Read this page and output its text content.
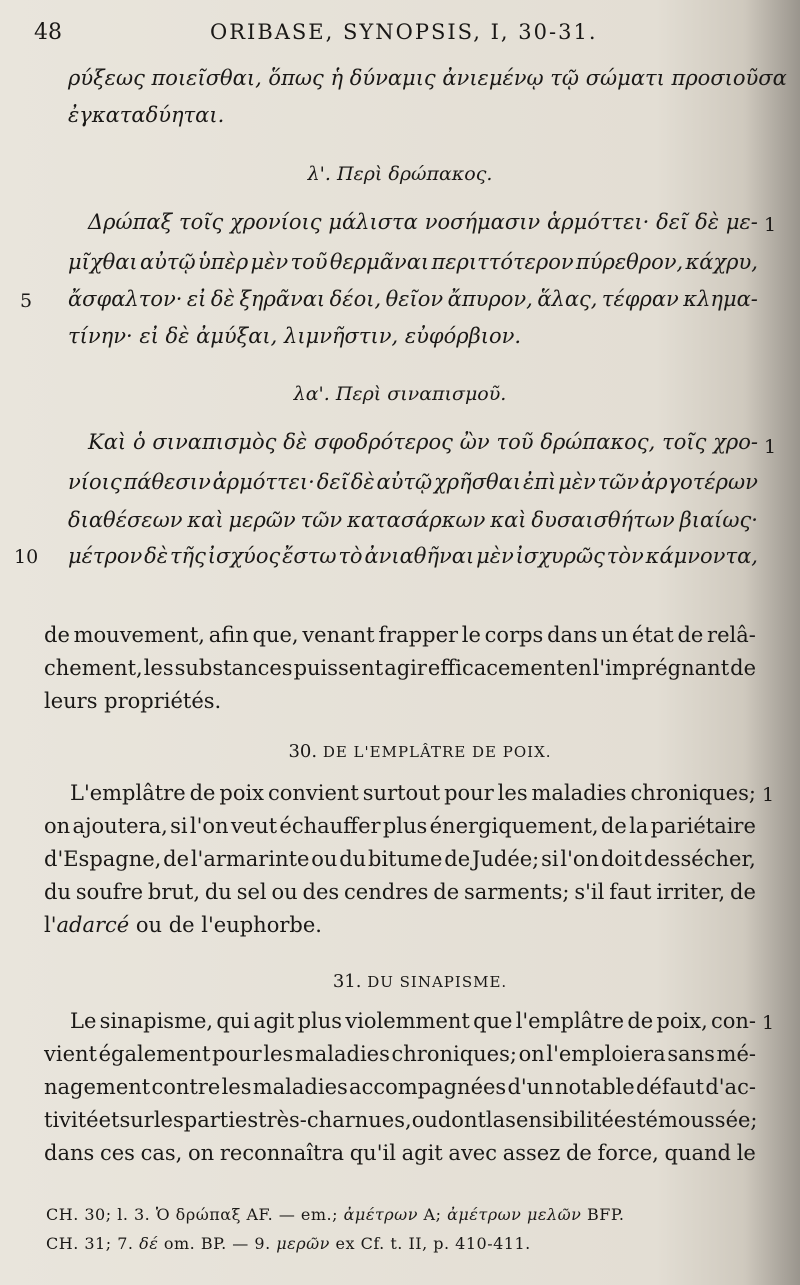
48	ORIBASE, SYNOPSIS, I, 30-31.
ρύξεως ποιεῖσθαι, ὅπως ἡ δύναμις ἀνιεμένῳ τῷ σώματι προσιοῦσα
ἐγκαταδύηται.
λ'. Περὶ δρώπακος.
Δρώπαξ τοῖς χρονίοις μάλιστα νοσήμασιν ἁρμόττει· δεῖ δὲ με- 1
μῖχθαι αὐτῷ ὑπὲρ μὲν τοῦ θερμᾶναι περιττότερον πύρεθρον, κάχρυ,
5 ἄσφαλτον· εἰ δὲ ξηρᾶναι δέοι, θεῖον ἄπυρον, ἅλας, τέφραν κλημα-
τίνην· εἰ δὲ ἀμύξαι, λιμνῆστιν, εὐφόρβιον.
λα'. Περὶ σιναπισμοῦ.
Καὶ ὁ σιναπισμὸς δὲ σφοδρότερος ὢν τοῦ δρώπακος, τοῖς χρο- 1
νίοις πάθεσιν ἁρμόττει· δεῖ δὲ αὐτῷ χρῆσθαι ἐπὶ μὲν τῶν ἀργοτέρων
διαθέσεων καὶ μερῶν τῶν κατασάρκων καὶ δυσαισθήτων βιαίως·
10 μέτρον δὲ τῆς ἰσχύος ἔστω τὸ ἀνιαθῆναι μὲν ἰσχυρῶς τὸν κάμνοντα,
de mouvement, afin que, venant frapper le corps dans un état de relâ-
chement, les substances puissent agir efficacement en l'imprégnant de
leurs propriétés.
30. DE L'EMPLÂTRE DE POIX.
L'emplâtre de poix convient surtout pour les maladies chroniques; 1
on ajoutera, si l'on veut échauffer plus énergiquement, de la pariétaire
d'Espagne, de l'armarinte ou du bitume de Judée; si l'on doit dessécher,
du soufre brut, du sel ou des cendres de sarments; s'il faut irriter, de
l' adarcé ou de l'euphorbe.
31. DU SINAPISME.
Le sinapisme, qui agit plus violemment que l'emplâtre de poix, con- 1
vient également pour les maladies chroniques; on l'emploiera sans mé-
nagement contre les maladies accompagnées d'un notable défaut d'ac-
tivité et sur les parties très-charnues, ou dont la sensibilité est émoussée;
dans ces cas, on reconnaîtra qu'il agit avec assez de force, quand le
CH. 30; l. 3. Ὁ δρώπαξ AF. — em.; ἀμέτρων A; ἀμέτρων μελῶν BFP.
CH. 31; 7. δέ om. BP. — 9. μερῶν ex Cf. t. II, p. 410-411.
